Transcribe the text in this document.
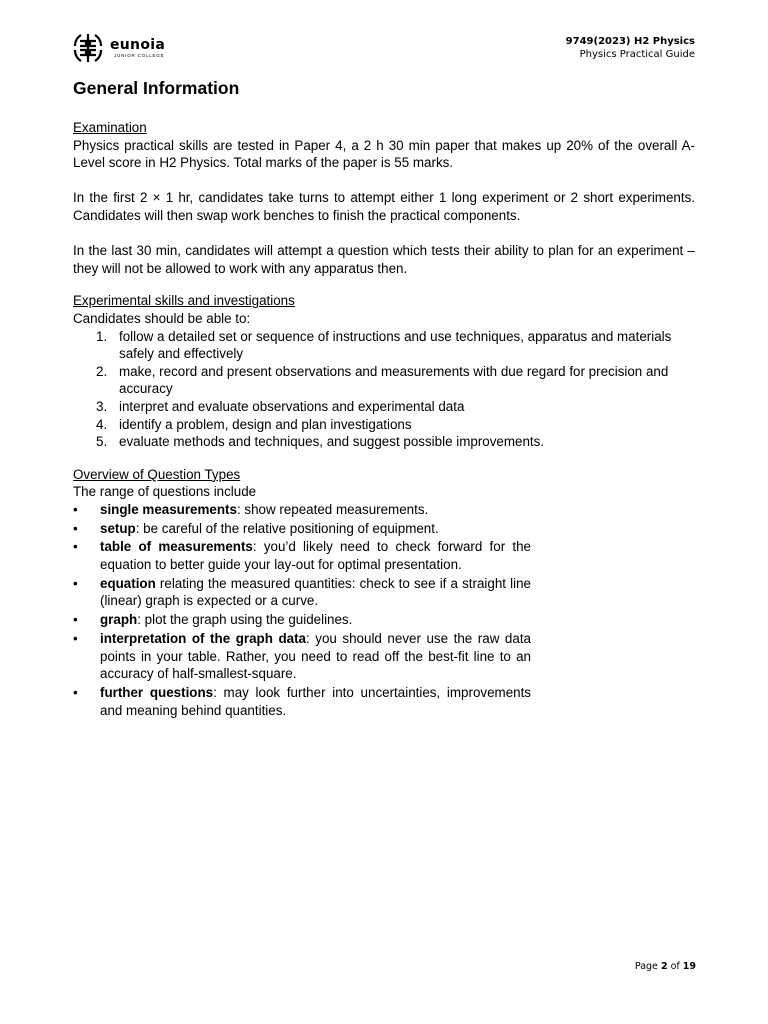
eunoia
JUNIOR COLLEGE
9749(2023) H2 Physics
Physics Practical Guide
General Information
Examination

Physics practical skills are tested in Paper 4, a 2 h 30 min paper that makes up 20% of the overall A-Level score in H2 Physics. Total marks of the paper is 55 marks.

In the first 2 × 1 hr, candidates take turns to attempt either 1 long experiment or 2 short experiments. Candidates will then swap work benches to finish the practical components.

In the last 30 min, candidates will attempt a question which tests their ability to plan for an experiment – they will not be allowed to work with any apparatus then.

Experimental skills and investigations

Candidates should be able to:

1. follow a detailed set or sequence of instructions and use techniques, apparatus and materials safely and effectively
2. make, record and present observations and measurements with due regard for precision and accuracy
3. interpret and evaluate observations and experimental data
4. identify a problem, design and plan investigations
5. evaluate methods and techniques, and suggest possible improvements.
Overview of Question Types

The range of questions include

• single measurements: show repeated measurements.
• setup: be careful of the relative positioning of equipment.
• table of measurements: you’d likely need to check forward for the equation to better guide your lay-out for optimal presentation.
• equation relating the measured quantities: check to see if a straight line (linear) graph is expected or a curve.
• graph: plot the graph using the guidelines.
• interpretation of the graph data: you should never use the raw data points in your table. Rather, you need to read off the best-fit line to an accuracy of half-smallest-square.
• further questions: may look further into uncertainties, improvements and meaning behind quantities.
Page 2 of 19
